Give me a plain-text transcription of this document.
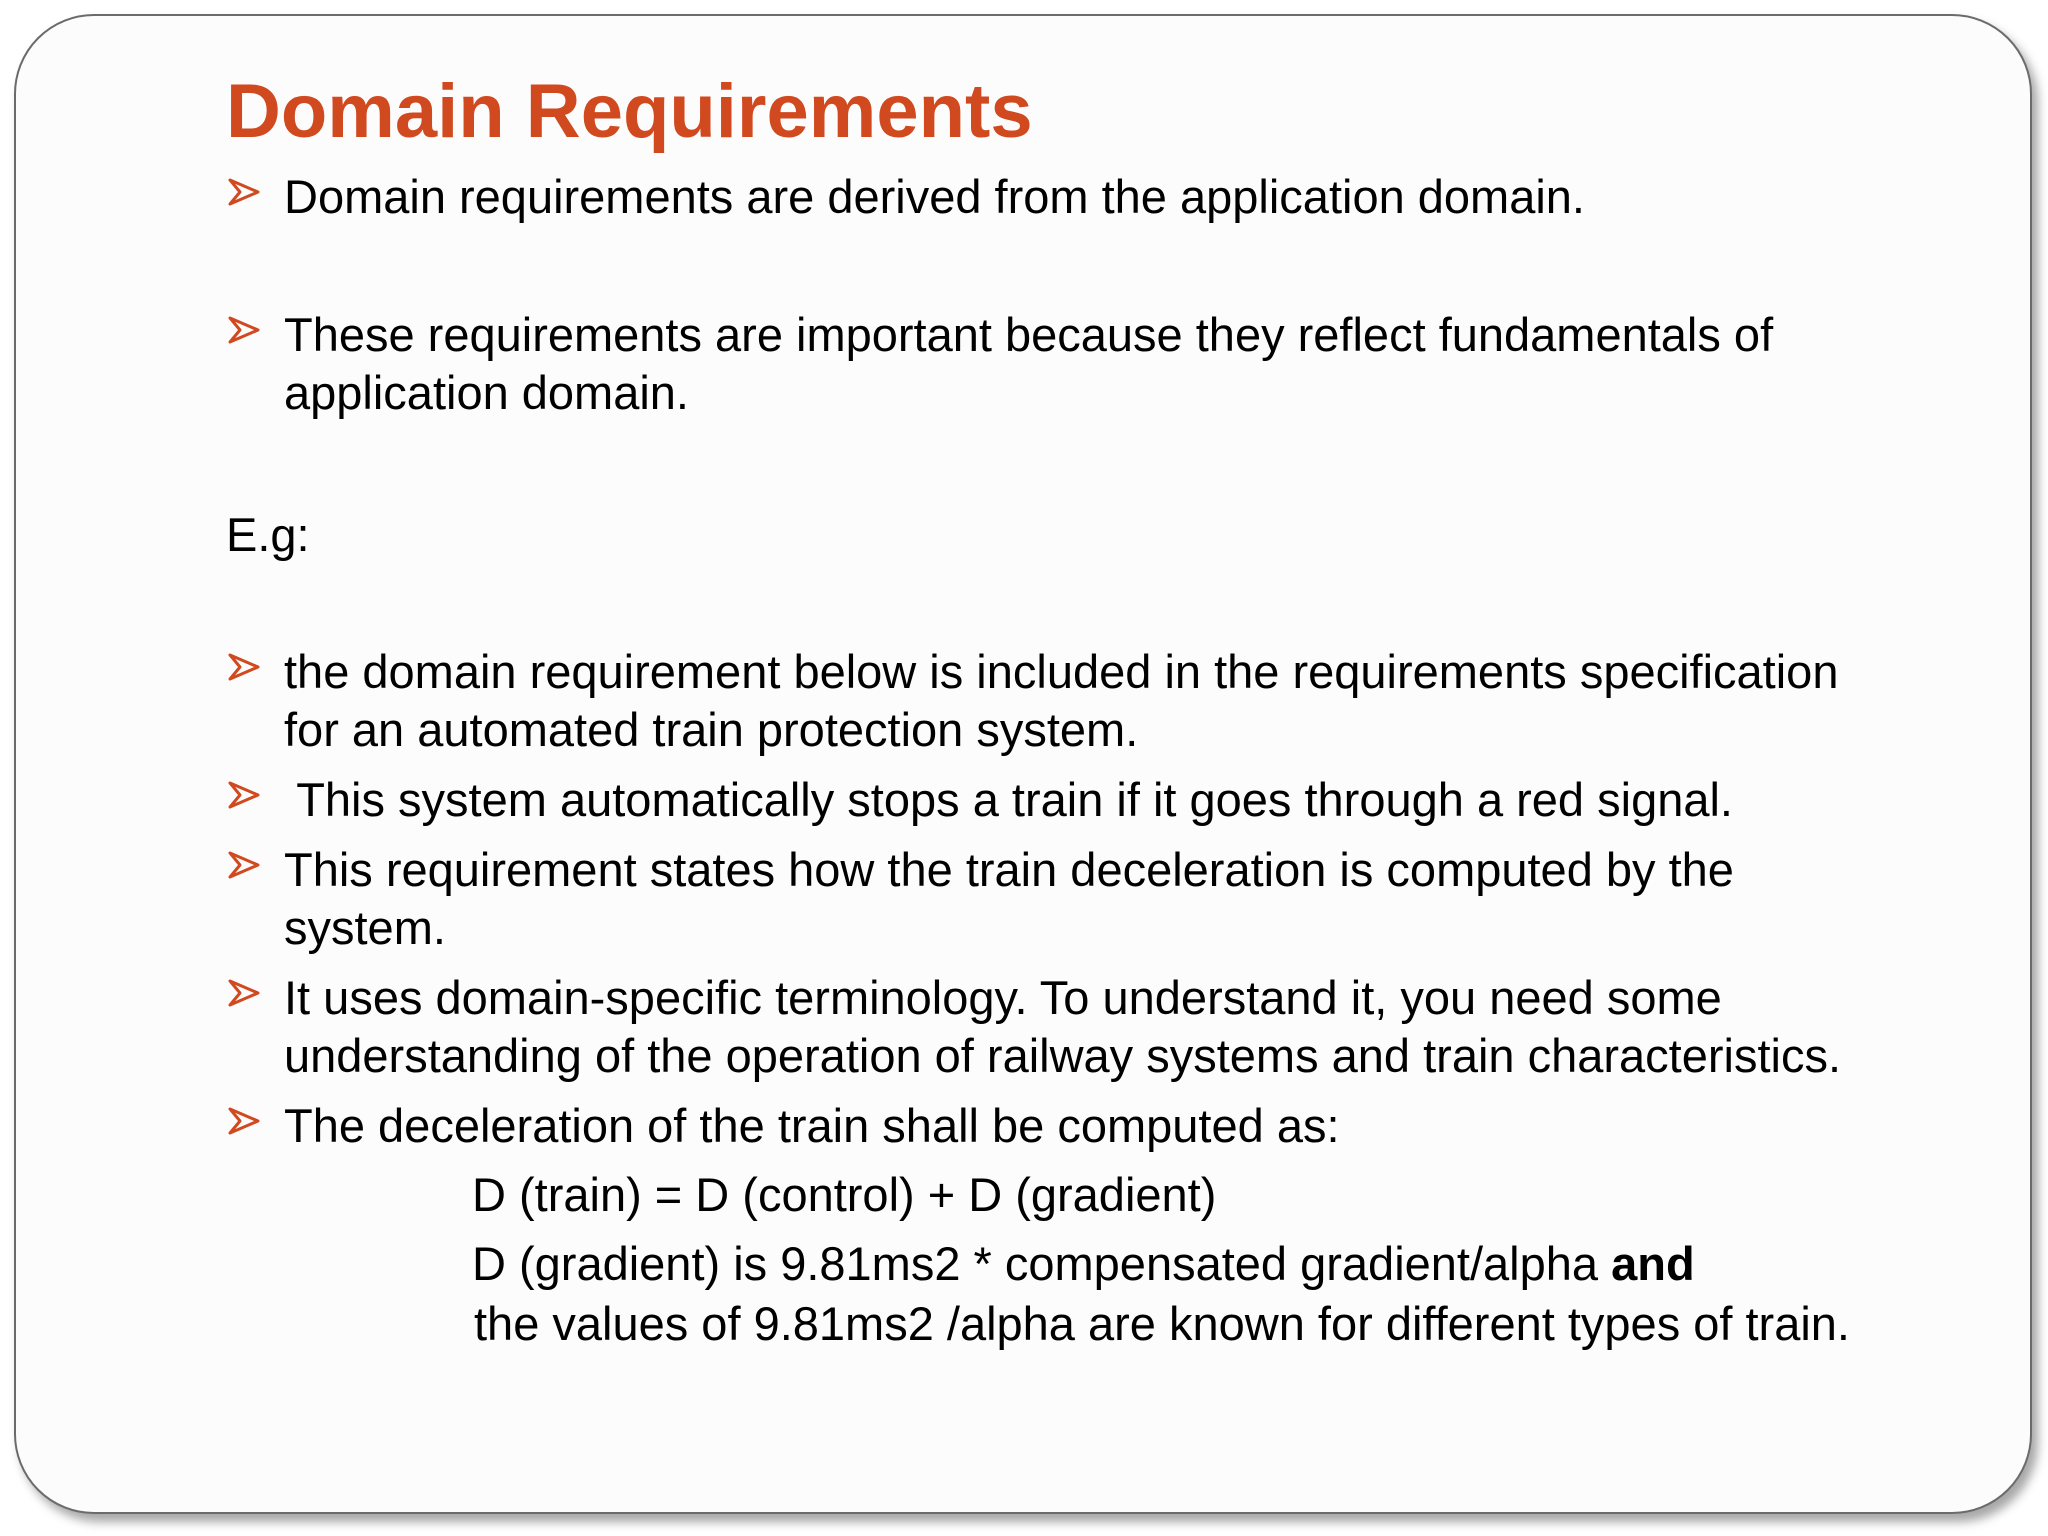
Domain Requirements
Domain requirements are derived from the application domain.
These requirements are important because they reflect fundamentals of
application domain.
E.g:
the domain requirement below is included in the requirements specification
for an automated train protection system.
This system automatically stops a train if it goes through a red signal.
This requirement states how the train deceleration is computed by the
system.
It uses domain-specific terminology. To understand it, you need some
understanding of the operation of railway systems and train characteristics.
The deceleration of the train shall be computed as:
D (train) = D (control) + D (gradient)
D (gradient) is 9.81ms2 * compensated gradient/alpha and
the values of 9.81ms2 /alpha are known for different types of train.
